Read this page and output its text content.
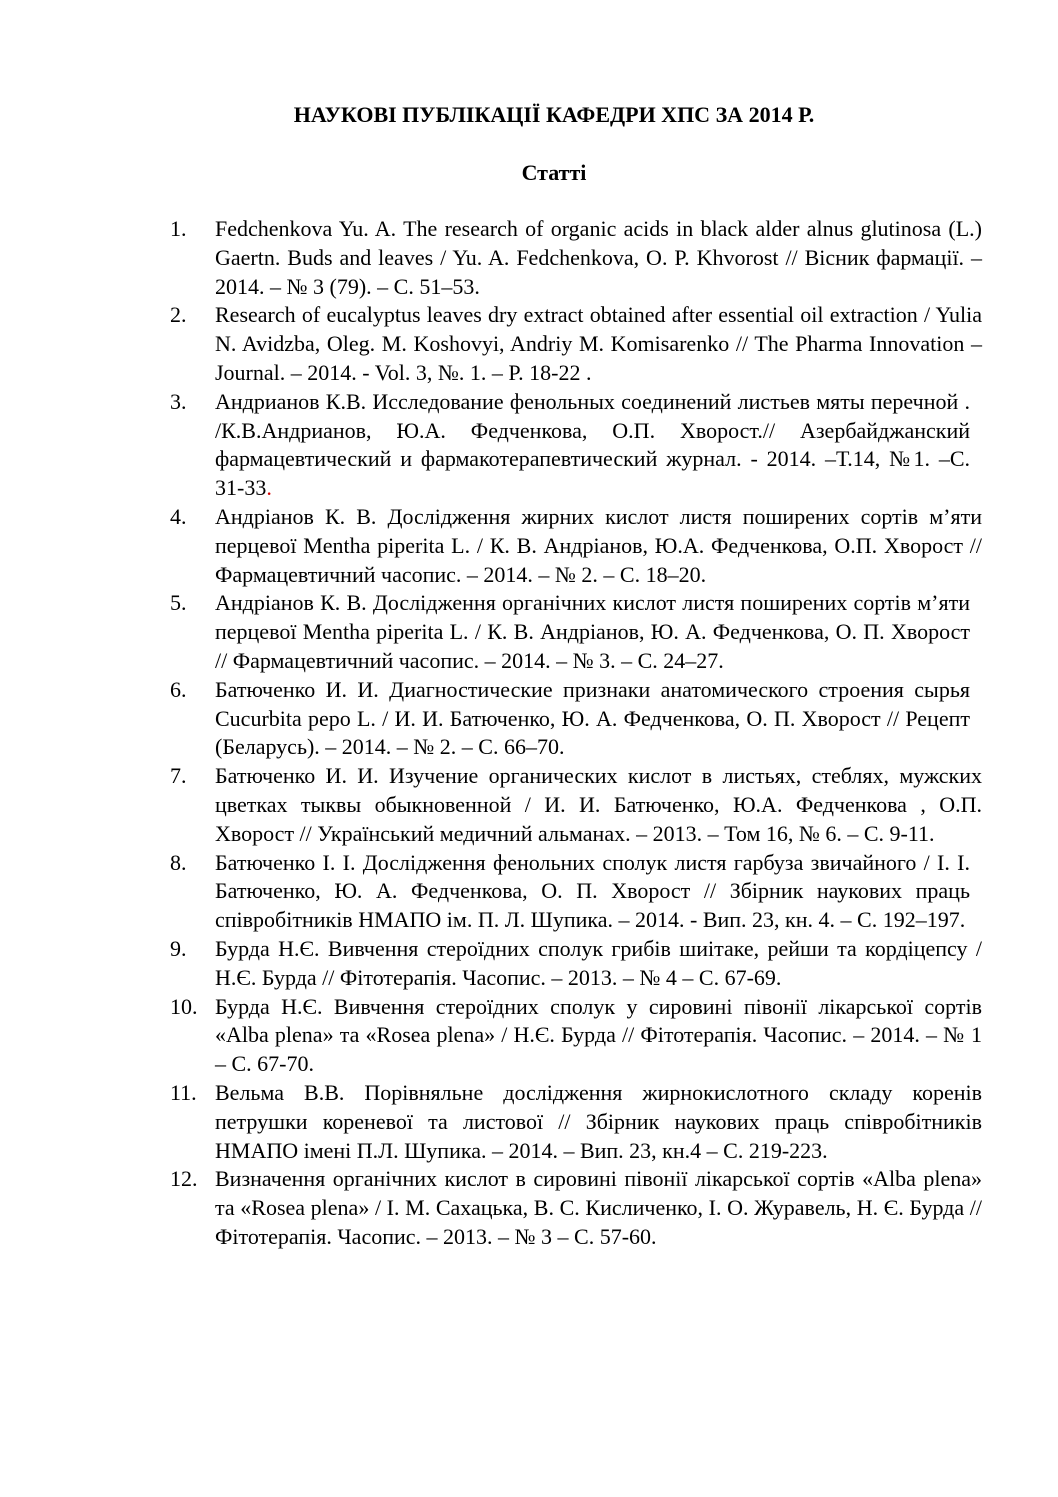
НАУКОВІ ПУБЛІКАЦІЇ КАФЕДРИ ХПС ЗА 2014 Р.
Статті
1.	Fedchenkova Yu. A. The research of organic acids in black alder alnus glutinosa (L.) Gaertn. Buds and leaves / Yu. A. Fedchenkova, O. P. Khvorost // Вісник фармації. – 2014. – № 3 (79). – С. 51–53.
2.	Research of eucalyptus leaves dry extract obtained after essential oil extraction / Yulia N. Avidzba, Oleg. M. Koshovyi, Andriy M. Komisarenko // The Pharma Innovation – Journal. – 2014. - Vol. 3, №. 1. – P. 18-22 .
3.	Андрианов К.В. Исследование фенольных соединений листьев мяты перечной . /К.В.Андрианов, Ю.А. Федченкова, О.П. Хворост.// Азербайджанский фармацевтический и фармакотерапевтический журнал. - 2014. –Т.14, №1. –С. 31-33.
4.	Андріанов К. В. Дослідження жирних кислот листя поширених сортів м’яти перцевої Mentha piperita L. / К. В. Андріанов, Ю.А. Федченкова, О.П. Хворост //Фармацевтичний часопис. – 2014. – № 2. – С. 18–20.
5.	Андріанов К. В. Дослідження органічних кислот листя поширених сортів м’яти перцевої Mentha piperita L. / К. В. Андріанов, Ю. А. Федченкова, О. П. Хворост // Фармацевтичний часопис. – 2014. – № 3. – С. 24–27.
6.	Батюченко И. И. Диагностические признаки анатомического строения сырья Cucurbita pepo L. / И. И. Батюченко, Ю. А. Федченкова, О. П. Хворост // Рецепт (Беларусь). – 2014. – № 2. – С. 66–70.
7.	Батюченко И. И. Изучение органических кислот в листьях, стеблях, мужских цветках тыквы обыкновенной / И. И. Батюченко, Ю.А. Федченкова , О.П. Хворост // Український медичний альманах. – 2013. – Том 16, № 6. – С. 9-11.
8.	Батюченко І. І. Дослідження фенольних сполук листя гарбуза звичайного / І. І. Батюченко, Ю. А. Федченкова, О. П. Хворост // Збірник наукових праць співробітників НМАПО ім. П. Л. Шупика. – 2014. - Вип. 23, кн. 4. – С. 192–197.
9.	Бурда Н.Є. Вивчення стероїдних сполук грибів шиітаке, рейши та кордіцепсу / Н.Є. Бурда // Фітотерапія. Часопис. – 2013. – № 4 – С. 67-69.
10. Бурда Н.Є. Вивчення стероїдних сполук у сировині півонії лікарської сортів «Alba plena» та «Rosea plena» / Н.Є. Бурда // Фітотерапія. Часопис. – 2014. – № 1 – С. 67-70.
11. Вельма В.В. Порівняльне дослідження жирнокислотного складу коренів петрушки кореневої та листової // Збірник наукових праць співробітників НМАПО імені П.Л. Шупика. – 2014. – Вип. 23, кн.4 – С. 219-223.
12. Визначення органічних кислот в сировині півонії лікарської сортів «Alba plena» та «Rosea plena» / І. М. Сахацька, В. С. Кисличенко, І. О. Журавель, Н. Є. Бурда // Фітотерапія. Часопис. – 2013. – № 3 – С. 57-60.
